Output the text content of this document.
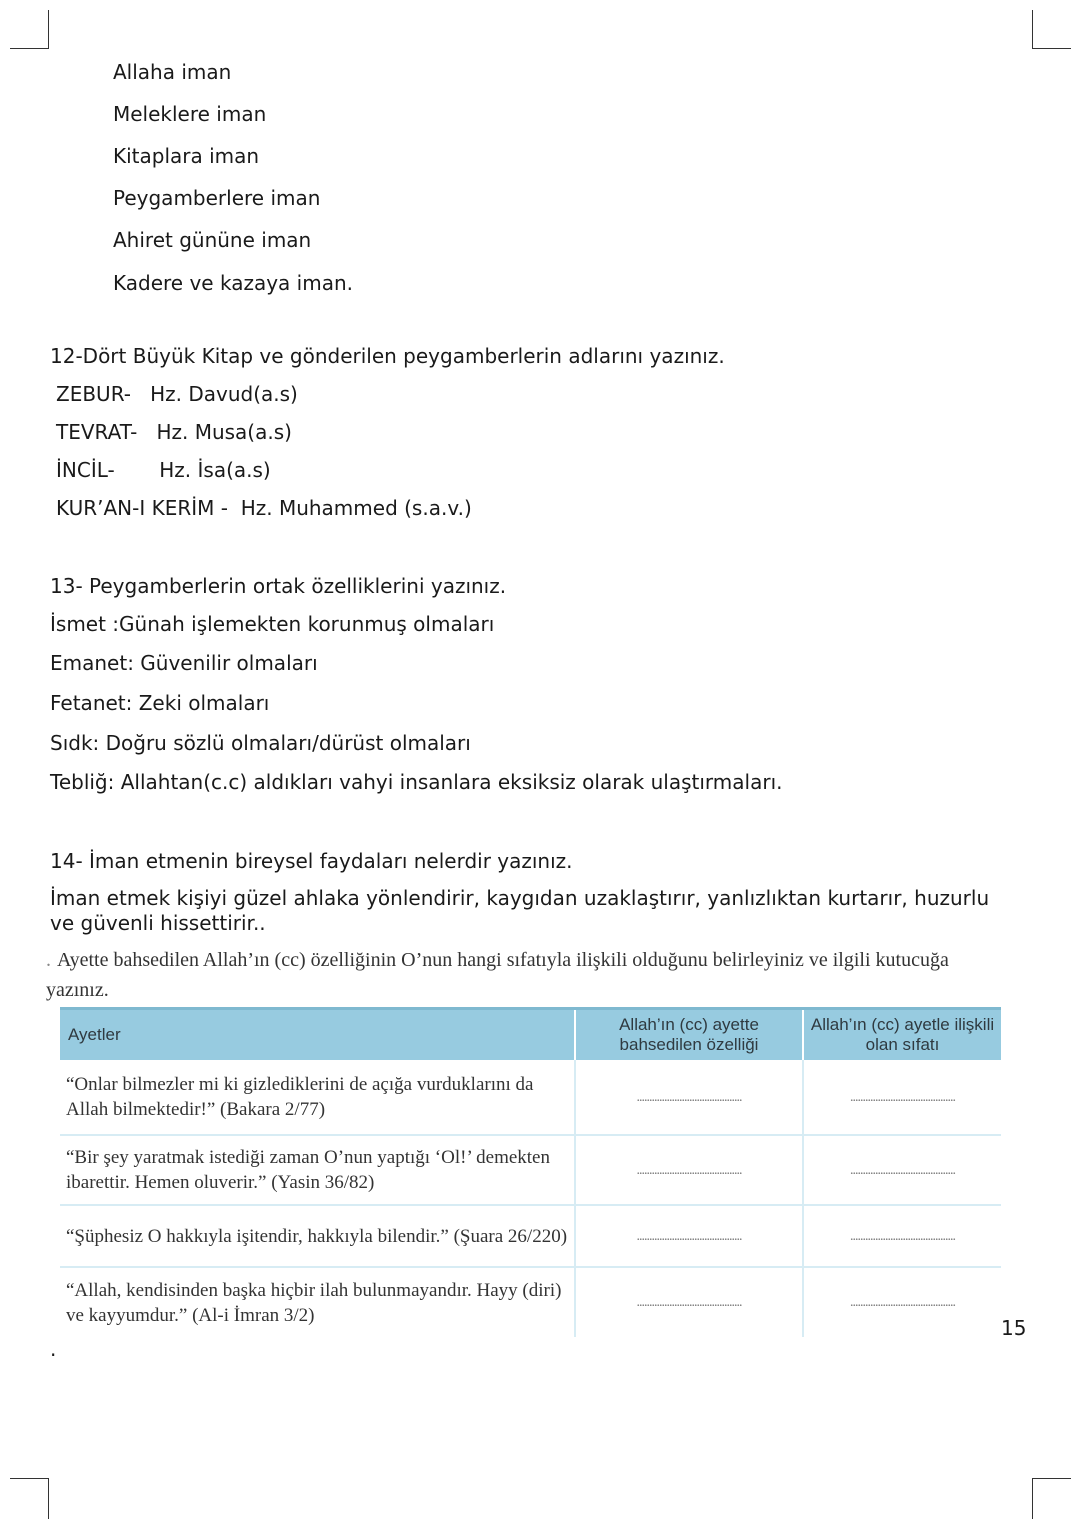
Allaha iman
Meleklere iman
Kitaplara iman
Peygamberlere iman
Ahiret gününe iman
Kadere ve kazaya iman.
12-Dört Büyük Kitap ve gönderilen peygamberlerin adlarını yazınız.
ZEBUR- Hz. Davud(a.s)
TEVRAT- Hz. Musa(a.s)
İNCİL- Hz. İsa(a.s)
KUR’AN-I KERİM - Hz. Muhammed (s.a.v.)
13- Peygamberlerin ortak özelliklerini yazınız.
İsmet :Günah işlemekten korunmuş olmaları
Emanet: Güvenilir olmaları
Fetanet: Zeki olmaları
Sıdk: Doğru sözlü olmaları/dürüst olmaları
Tebliğ: Allahtan(c.c) aldıkları vahyi insanlara eksiksiz olarak ulaştırmaları.
14- İman etmenin bireysel faydaları nelerdir yazınız.
İman etmek kişiyi güzel ahlaka yönlendirir, kaygıdan uzaklaştırır, yanlızlıktan kurtarır, huzurlu ve güvenli hissettirir..
. Ayette bahsedilen Allah’ın (cc) özelliğinin O’nun hangi sıfatıyla ilişkili olduğunu belirleyiniz ve ilgili kutucuğa yazınız.
Ayetler	Allah’ın (cc) ayette bahsedilen özelliği	Allah’ın (cc) ayetle ilişkili olan sıfatı
“Onlar bilmezler mi ki gizlediklerini de açığa vurduklarını da Allah bilmektedir!” (Bakara 2/77)	..........................................	..........................................
“Bir şey yaratmak istediği zaman O’nun yaptığı ‘Ol!’ demekten ibarettir. Hemen oluverir.” (Yasin 36/82)	..........................................	..........................................
“Şüphesiz O hakkıyla işitendir, hakkıyla bilendir.” (Şuara 26/220)	..........................................	..........................................
“Allah, kendisinden başka hiçbir ilah bulunmayandır. Hayy (diri) ve kayyumdur.” (Al-i İmran 3/2)	..........................................	..........................................
15
.
